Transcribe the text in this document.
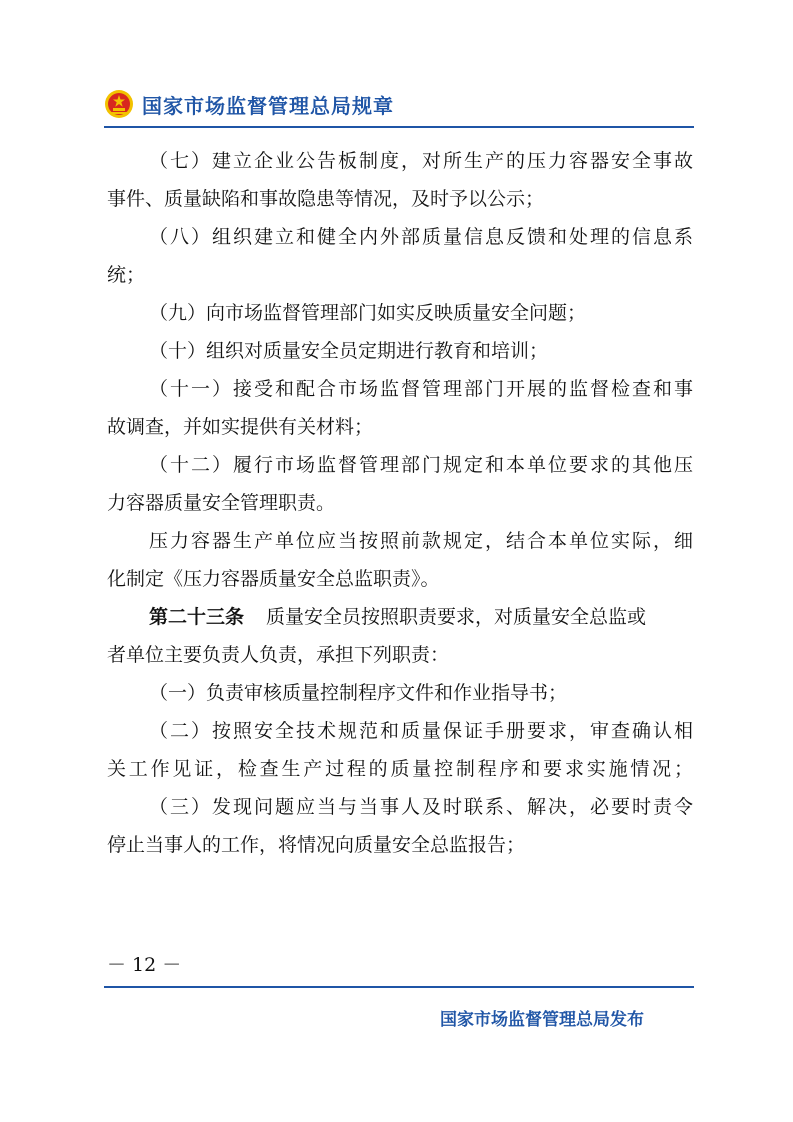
国家市场监督管理总局规章
（七）建立企业公告板制度，对所生产的压力容器安全事故
事件、质量缺陷和事故隐患等情况，及时予以公示；
（八）组织建立和健全内外部质量信息反馈和处理的信息系
统；
（九）向市场监督管理部门如实反映质量安全问题；
（十）组织对质量安全员定期进行教育和培训；
（十一）接受和配合市场监督管理部门开展的监督检查和事
故调查，并如实提供有关材料；
（十二）履行市场监督管理部门规定和本单位要求的其他压
力容器质量安全管理职责。
压力容器生产单位应当按照前款规定，结合本单位实际，细
化制定《压力容器质量安全总监职责》。
第二十三条 质量安全员按照职责要求，对质量安全总监或
者单位主要负责人负责，承担下列职责：
（一）负责审核质量控制程序文件和作业指导书；
（二）按照安全技术规范和质量保证手册要求，审查确认相
关工作见证，检查生产过程的质量控制程序和要求实施情况；
（三）发现问题应当与当事人及时联系、解决，必要时责令
停止当事人的工作，将情况向质量安全总监报告；
－ 12 －
国家市场监督管理总局发布
